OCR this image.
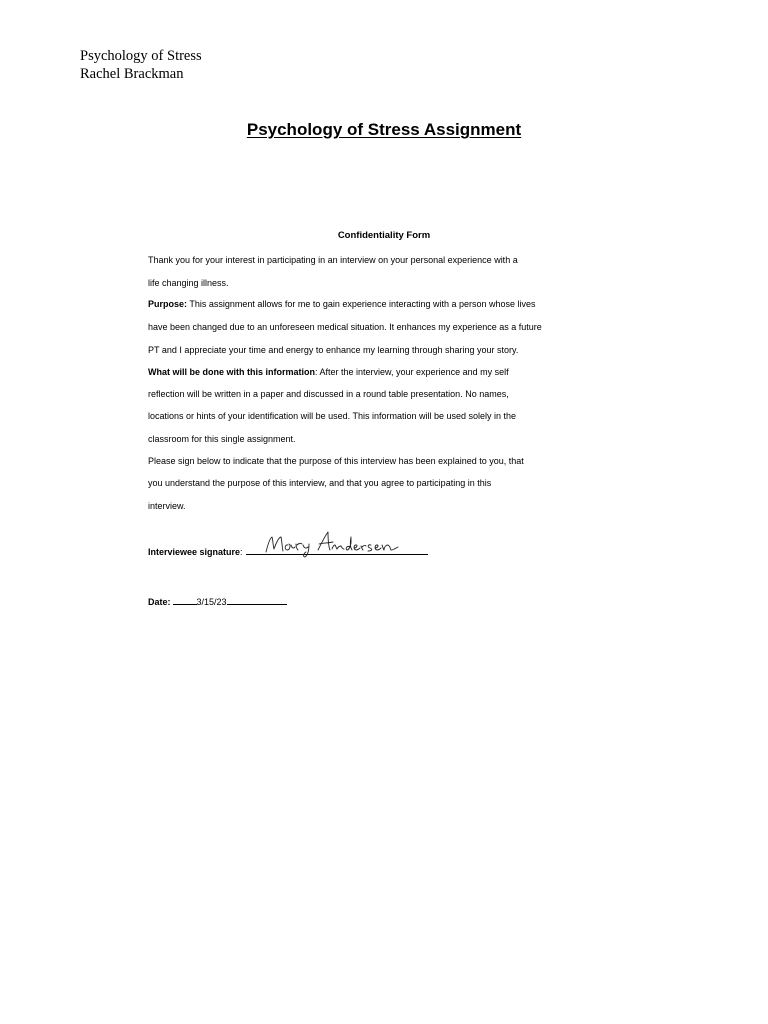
Psychology of Stress
Rachel Brackman
Psychology of Stress Assignment
Confidentiality Form
Thank you for your interest in participating in an interview on your personal experience with a
life changing illness.
Purpose: This assignment allows for me to gain experience interacting with a person whose lives
have been changed due to an unforeseen medical situation. It enhances my experience as a future
PT and I appreciate your time and energy to enhance my learning through sharing your story.
What will be done with this information: After the interview, your experience and my self
reflection will be written in a paper and discussed in a round table presentation. No names,
locations or hints of your identification will be used. This information will be used solely in the
classroom for this single assignment.
Please sign below to indicate that the purpose of this interview has been explained to you, that
you understand the purpose of this interview, and that you agree to participating in this
interview.
Interviewee signature:
Date:	3/15/23
